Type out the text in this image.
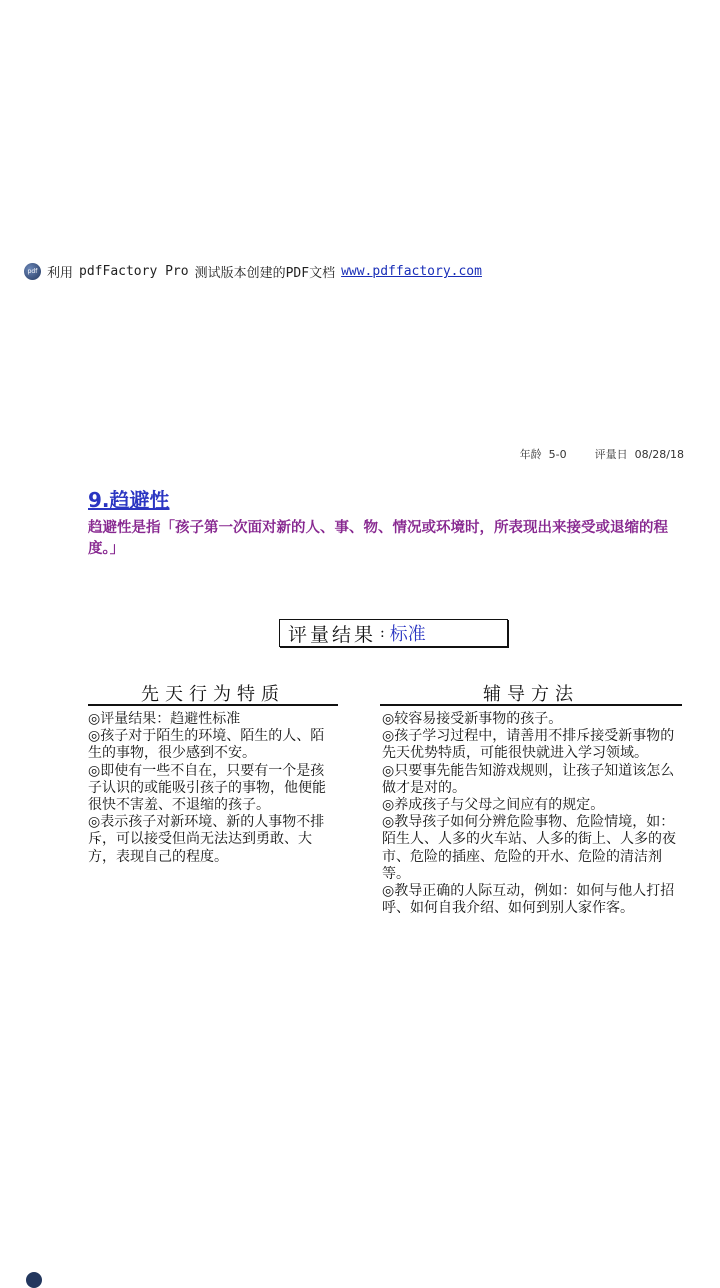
pdf 利用 pdfFactory Pro 测试版本创建的PDF文档 www.pdffactory.com
年龄 5-0	评量日 08/28/18
9.趋避性
趋避性是指「孩子第一次面对新的人、事、物、情况或环境时，所表现出来接受或退缩的程度。」
评量结果 : 标准
先天行为特质	辅导方法
◎评量结果：趋避性标准
◎孩子对于陌生的环境、陌生的人、陌生的事物，很少感到不安。
◎即使有一些不自在，只要有一个是孩子认识的或能吸引孩子的事物，他便能很快不害羞、不退缩的孩子。
◎表示孩子对新环境、新的人事物不排斥，可以接受但尚无法达到勇敢、大方，表现自己的程度。
◎较容易接受新事物的孩子。
◎孩子学习过程中，请善用不排斥接受新事物的先天优势特质，可能很快就进入学习领域。
◎只要事先能告知游戏规则，让孩子知道该怎么做才是对的。
◎养成孩子与父母之间应有的规定。
◎教导孩子如何分辨危险事物、危险情境，如：陌生人、人多的火车站、人多的街上、人多的夜市、危险的插座、危险的开水、危险的清洁剂等。
◎教导正确的人际互动，例如：如何与他人打招呼、如何自我介绍、如何到别人家作客。
